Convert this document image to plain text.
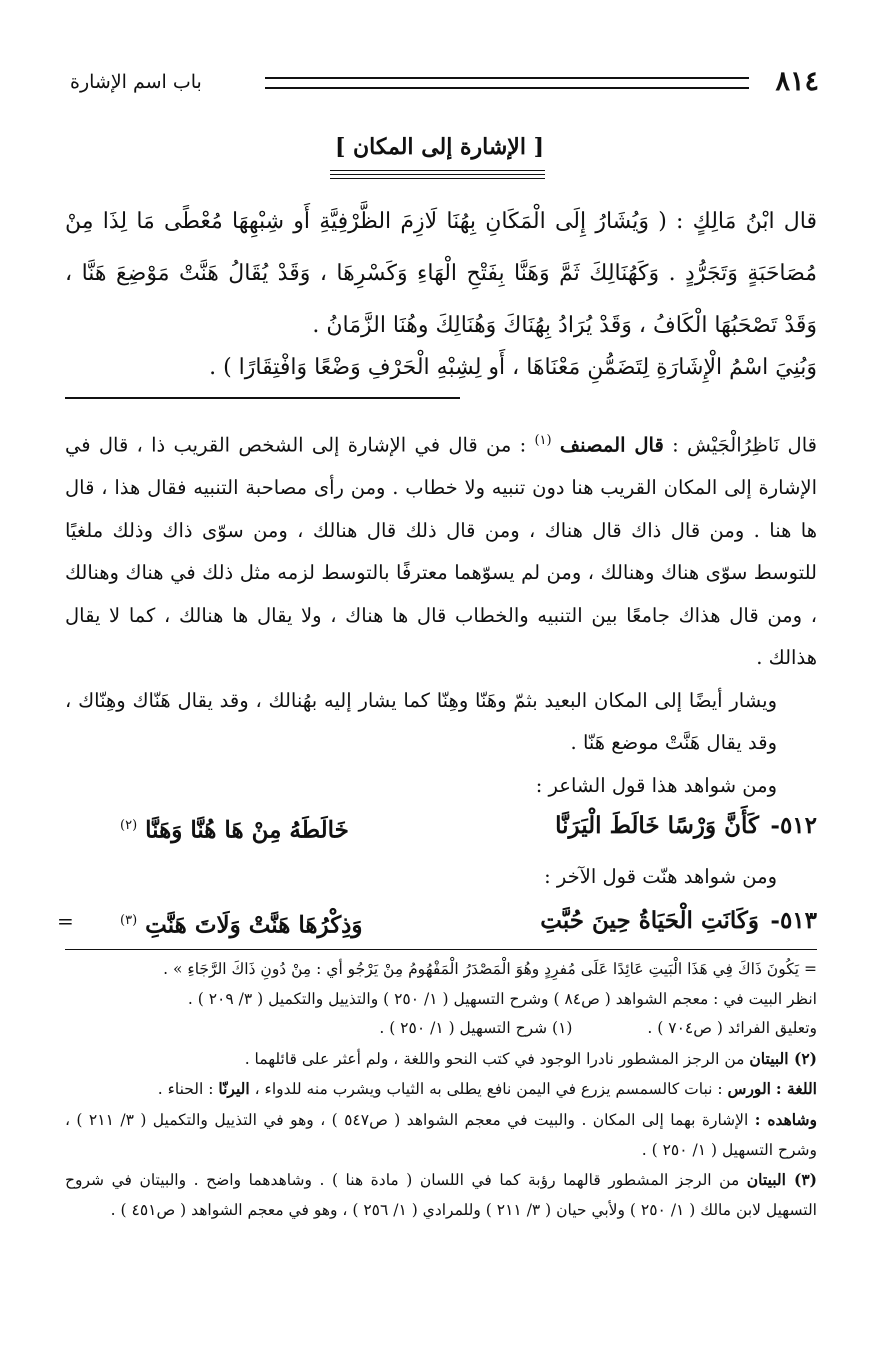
٨١٤
باب اسم الإشارة
[ الإشارة إلى المكان ]
قال ابْنُ مَالِكٍ : ( وَيُشَارُ إِلَى الْمَكَانِ بِهُنَا لَازِمَ الظَّرْفِيَّةِ أَو شِبْهِهَا مُعْطًى مَا لِذَا مِنْ مُصَاحَبَةٍ وَتَجَرُّدٍ . وَكَهُنَالِكَ ثَمَّ وَهَنَّا بِفَتْحِ الْهَاءِ وَكَسْرِهَا ، وَقَدْ يُقَالُ هَنَّتْ مَوْضِعَ هَنَّا ، وَقَدْ تَصْحَبُهَا الْكَافُ ، وَقَدْ يُرَادُ بِهُنَاكَ وَهُنَالِكَ وهُنَا الزَّمَانُ .
وَبُنِيَ اسْمُ الْإِشَارَةِ لِتَضَمُّنِ مَعْنَاهَا ، أَو لِشِبْهِ الْحَرْفِ وَضْعًا وَافْتِقَارًا ) .

قال نَاظِرُالْجَيْش : قال المصنف $^{(١)}$ : من قال في الإشارة إلى الشخص القريب ذا ، قال في الإشارة إلى المكان القريب هنا دون تنبيه ولا خطاب . ومن رأى مصاحبة التنبيه فقال هذا ، قال ها هنا . ومن قال ذاك قال هناك ، ومن قال ذلك قال هنالك ، ومن سوّى ذاك وذلك ملغيًا للتوسط سوّى هناك وهنالك ، ومن لم يسوّهما معترفًا بالتوسط لزمه مثل ذلك في هناك وهنالك ، ومن قال هذاك جامعًا بين التنبيه والخطاب قال ها هناك ، ولا يقال ها هنالك ، كما لا يقال هذالك .

ويشار أيضًا إلى المكان البعيد بثمّ وهَنّا وهِنّا كما يشار إليه بهُنالك ، وقد يقال هَنّاك وهِنّاك ، وقد يقال هَنَّتْ موضع هَنّا .

ومن شواهد هذا قول الشاعر :

٥١٢-
كَأَنَّ وَرْسًا خَالَطَ الْيَرَنَّا
خَالَطَهُ مِنْ هَا هُنَّا وَهَنَّا $^{(٢)}$

ومن شواهد هنّت قول الآخر :

٥١٣-
وَكَانَتِ الْحَيَاةُ حِينَ حُبَّتِ
وَذِكْرُهَا هَنَّتْ وَلَاتَ هَنَّتِ $^{(٣)}$
=

= يَكُونَ ذَاكَ فِي هَذَا الْبَيتِ عَائِدًا عَلَى مُفرِدٍ وهُوَ الْمَصْدَرُ الْمَفْهُومُ مِنْ يَرْجُو أي : مِنْ دُونِ ذَاكَ الرَّجَاءِ » .

انظر البيت في : معجم الشواهد ( ص٨٤ ) وشرح التسهيل ( ١/ ٢٥٠ ) والتذييل والتكميل ( ٣/ ٢٠٩ ) .

وتعليق الفرائد ( ص٧٠٤ ) . (١) شرح التسهيل ( ١/ ٢٥٠ ) .

(٢) البيتان من الرجز المشطور نادرا الوجود في كتب النحو واللغة ، ولم أعثر على قائلهما .

اللغة : الورس : نبات كالسمسم يزرع في اليمن نافع يطلى به الثياب ويشرب منه للدواء ، اليرنّا : الحناء .

وشاهده : الإشارة بهما إلى المكان . والبيت في معجم الشواهد ( ص٥٤٧ ) ، وهو في التذييل والتكميل ( ٣/ ٢١١ ) ، وشرح التسهيل ( ١/ ٢٥٠ ) .

(٣) البيتان من الرجز المشطور قالهما رؤبة كما في اللسان ( مادة هنا ) . وشاهدهما واضح . والبيتان في شروح التسهيل لابن مالك ( ١/ ٢٥٠ ) ولأبي حيان ( ٣/ ٢١١ ) وللمرادي ( ١/ ٢٥٦ ) ، وهو في معجم الشواهد ( ص٤٥١ ) .
